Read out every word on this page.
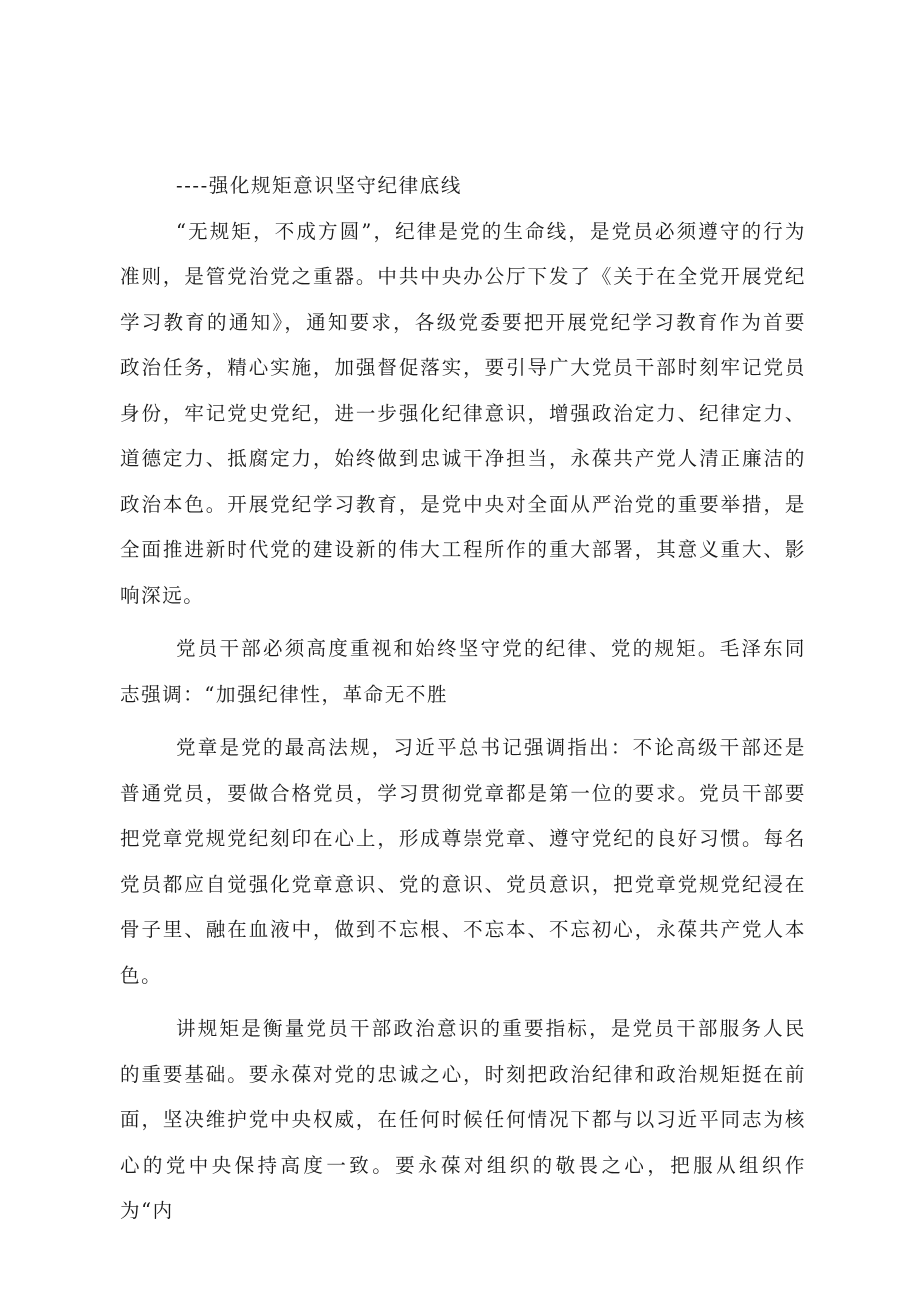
----强化规矩意识坚守纪律底线

“无规矩，不成方圆”，纪律是党的生命线，是党员必须遵守的行为准则，是管党治党之重器。中共中央办公厅下发了《关于在全党开展党纪学习教育的通知》，通知要求，各级党委要把开展党纪学习教育作为首要政治任务，精心实施，加强督促落实，要引导广大党员干部时刻牢记党员身份，牢记党史党纪，进一步强化纪律意识，增强政治定力、纪律定力、道德定力、抵腐定力，始终做到忠诚干净担当，永葆共产党人清正廉洁的政治本色。开展党纪学习教育，是党中央对全面从严治党的重要举措，是全面推进新时代党的建设新的伟大工程所作的重大部署，其意义重大、影响深远。

党员干部必须高度重视和始终坚守党的纪律、党的规矩。毛泽东同志强调：“加强纪律性，革命无不胜

党章是党的最高法规，习近平总书记强调指出：不论高级干部还是普通党员，要做合格党员，学习贯彻党章都是第一位的要求。党员干部要把党章党规党纪刻印在心上，形成尊崇党章、遵守党纪的良好习惯。每名党员都应自觉强化党章意识、党的意识、党员意识，把党章党规党纪浸在骨子里、融在血液中，做到不忘根、不忘本、不忘初心，永葆共产党人本色。

讲规矩是衡量党员干部政治意识的重要指标，是党员干部服务人民的重要基础。要永葆对党的忠诚之心，时刻把政治纪律和政治规矩挺在前面，坚决维护党中央权威，在任何时候任何情况下都与以习近平同志为核心的党中央保持高度一致。要永葆对组织的敬畏之心，把服从组织作为“内
